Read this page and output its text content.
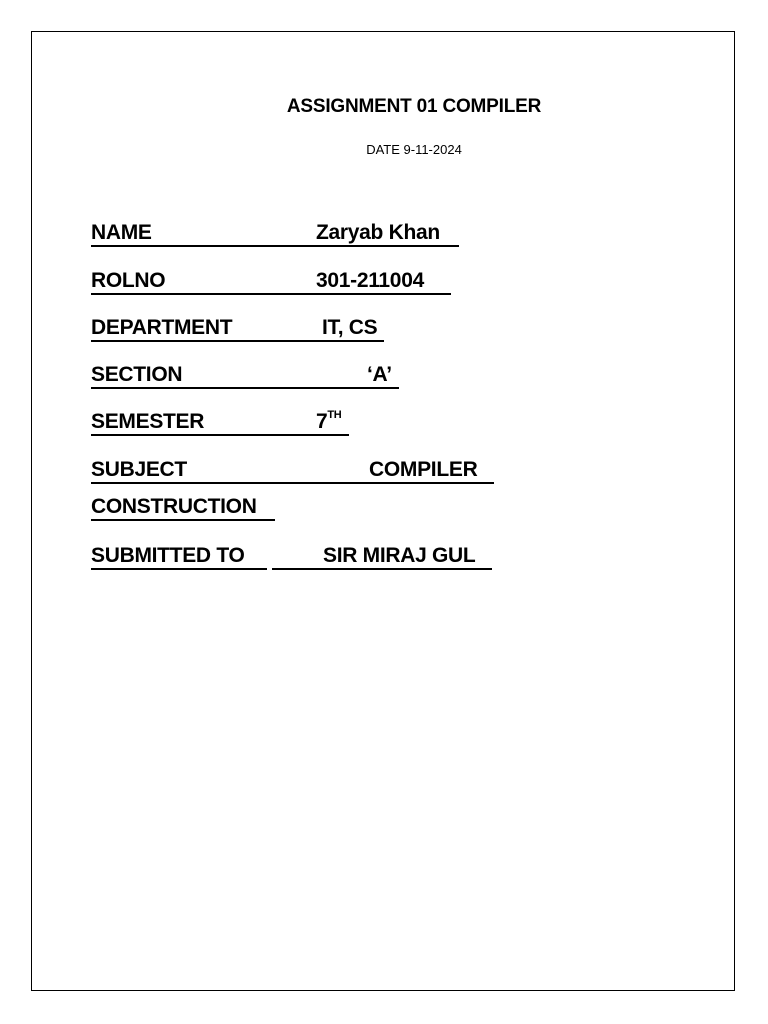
ASSIGNMENT 01 COMPILER
DATE 9-11-2024
NAME	Zaryab Khan
ROLNO	301-211004
DEPARTMENT	IT, CS
SECTION	‘A’
SEMESTER	7TH
SUBJECT	COMPILER
CONSTRUCTION
SUBMITTED TO	SIR MIRAJ GUL
